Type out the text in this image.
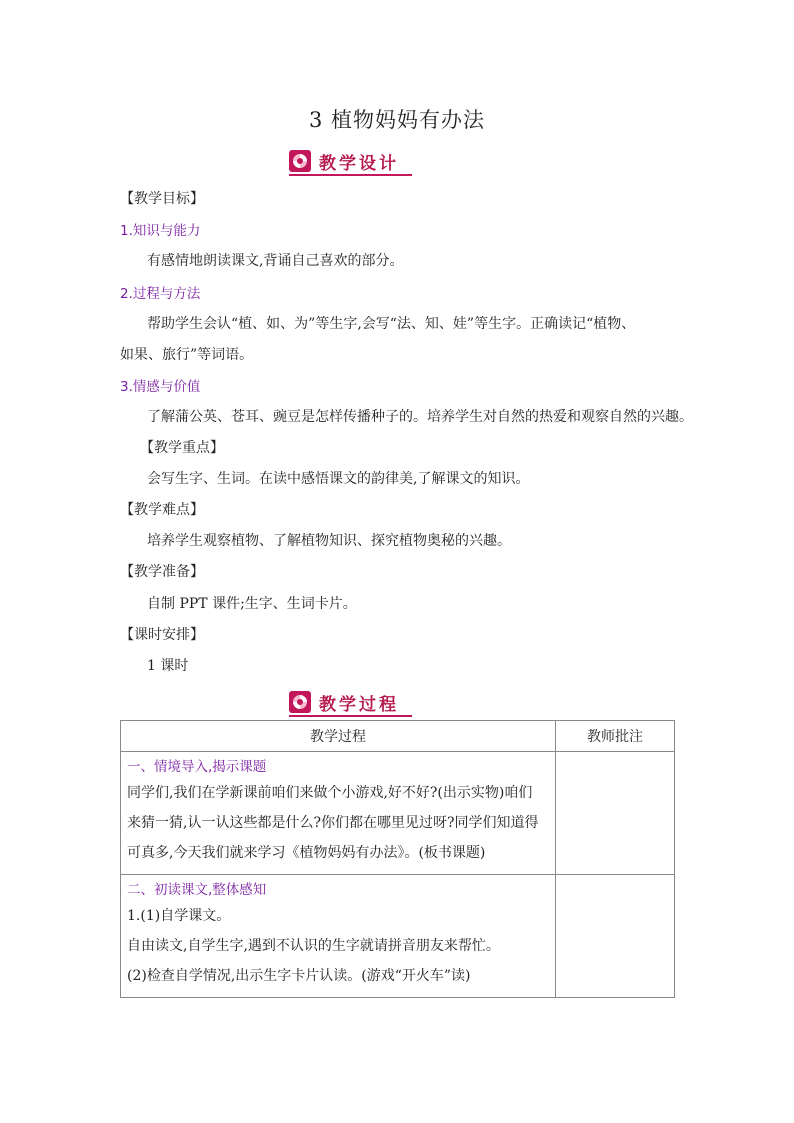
3 植物妈妈有办法
教学设计
【教学目标】
1.知识与能力
有感情地朗读课文,背诵自己喜欢的部分。
2.过程与方法
帮助学生会认“植、如、为”等生字,会写“法、知、娃”等生字。正确读记“植物、
如果、旅行”等词语。
3.情感与价值
了解蒲公英、苍耳、豌豆是怎样传播种子的。培养学生对自然的热爱和观察自然的兴趣。
【教学重点】
会写生字、生词。在读中感悟课文的韵律美,了解课文的知识。
【教学难点】
培养学生观察植物、了解植物知识、探究植物奥秘的兴趣。
【教学准备】
自制 PPT 课件;生字、生词卡片。
【课时安排】
1 课时
教学过程
教学过程	教师批注

一、情境导入,揭示课题
同学们,我们在学新课前咱们来做个小游戏,好不好?(出示实物)咱们
来猜一猜,认一认这些都是什么?你们都在哪里见过呀?同学们知道得
可真多,今天我们就来学习《植物妈妈有办法》。(板书课题)	

二、初读课文,整体感知
1.(1)自学课文。
自由读文,自学生字,遇到不认识的生字就请拼音朋友来帮忙。
(2)检查自学情况,出示生字卡片认读。(游戏“开火车”读)	
